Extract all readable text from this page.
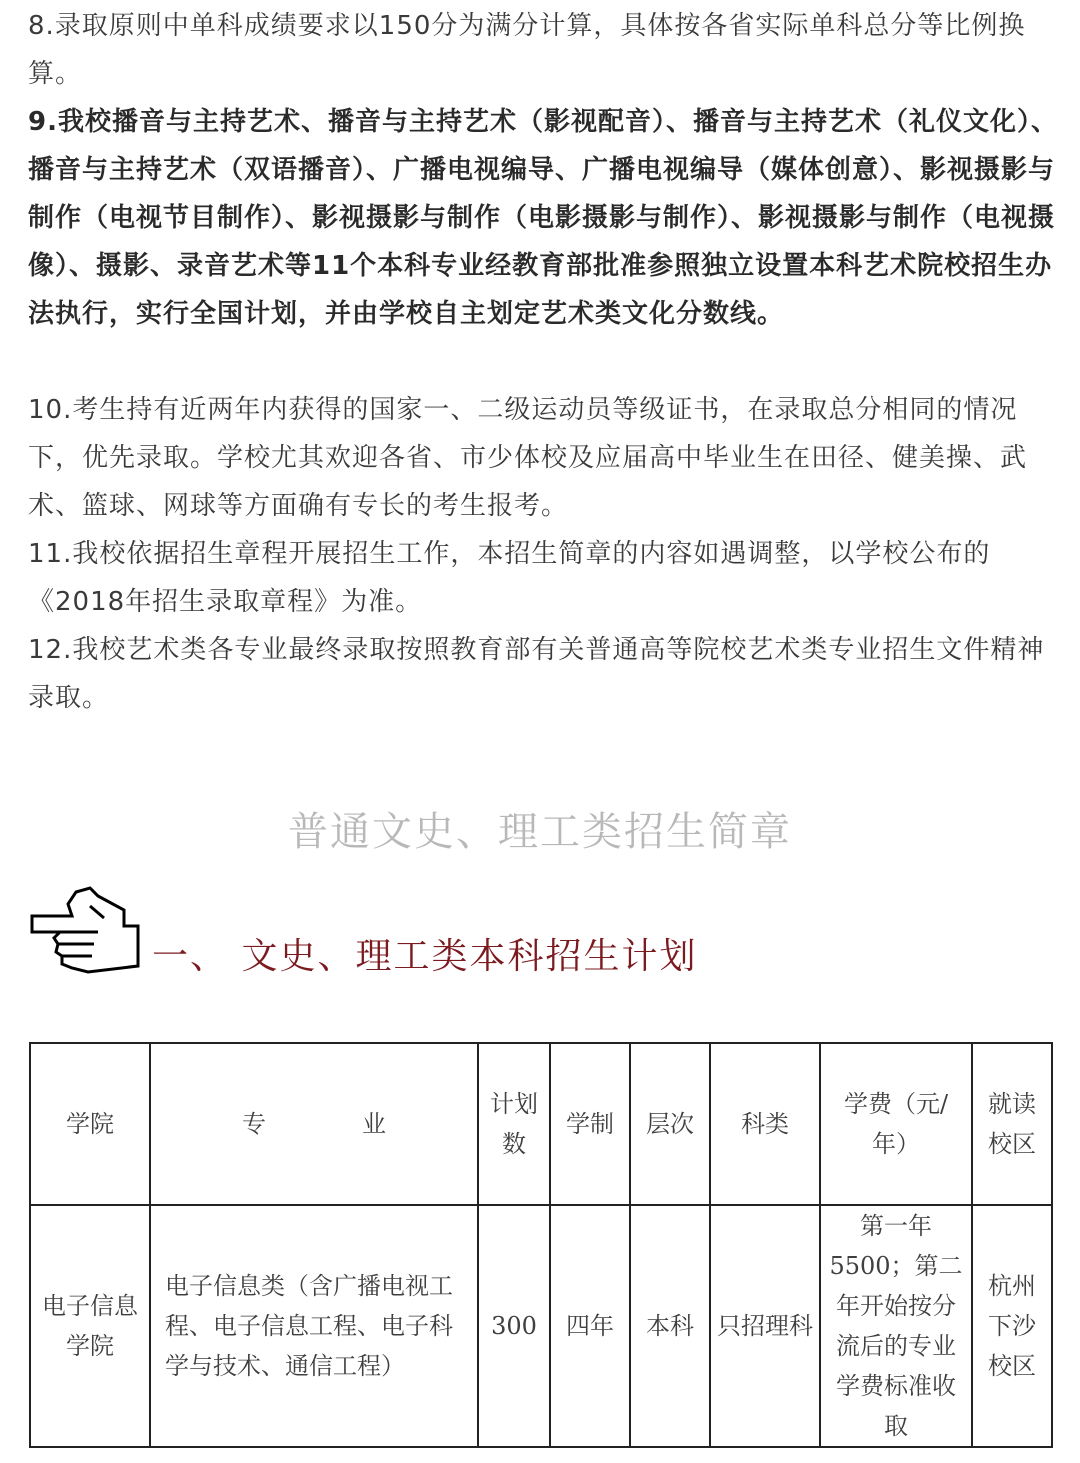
8.录取原则中单科成绩要求以150分为满分计算，具体按各省实际单科总分等比例换算。
9.我校播音与主持艺术、播音与主持艺术（影视配音）、播音与主持艺术（礼仪文化）、播音与主持艺术（双语播音）、广播电视编导、广播电视编导（媒体创意）、影视摄影与制作（电视节目制作）、影视摄影与制作（电影摄影与制作）、影视摄影与制作（电视摄像）、摄影、录音艺术等11个本科专业经教育部批准参照独立设置本科艺术院校招生办法执行，实行全国计划，并由学校自主划定艺术类文化分数线。
10.考生持有近两年内获得的国家一、二级运动员等级证书，在录取总分相同的情况下，优先录取。学校尤其欢迎各省、市少体校及应届高中毕业生在田径、健美操、武术、篮球、网球等方面确有专长的考生报考。
11.我校依据招生章程开展招生工作，本招生简章的内容如遇调整，以学校公布的《2018年招生录取章程》为准。
12.我校艺术类各专业最终录取按照教育部有关普通高等院校艺术类专业招生文件精神录取。
普通文史、理工类招生简章
一、 文史、理工类本科招生计划
学院	专　　　　业	计划数	学制	层次	科类	学费（元/年）	就读校区
电子信息学院	电子信息类（含广播电视工程、电子信息工程、电子科学与技术、通信工程）	300	四年	本科	只招理科	第一年5500；第二年开始按分流后的专业学费标准收取	杭州下沙校区
